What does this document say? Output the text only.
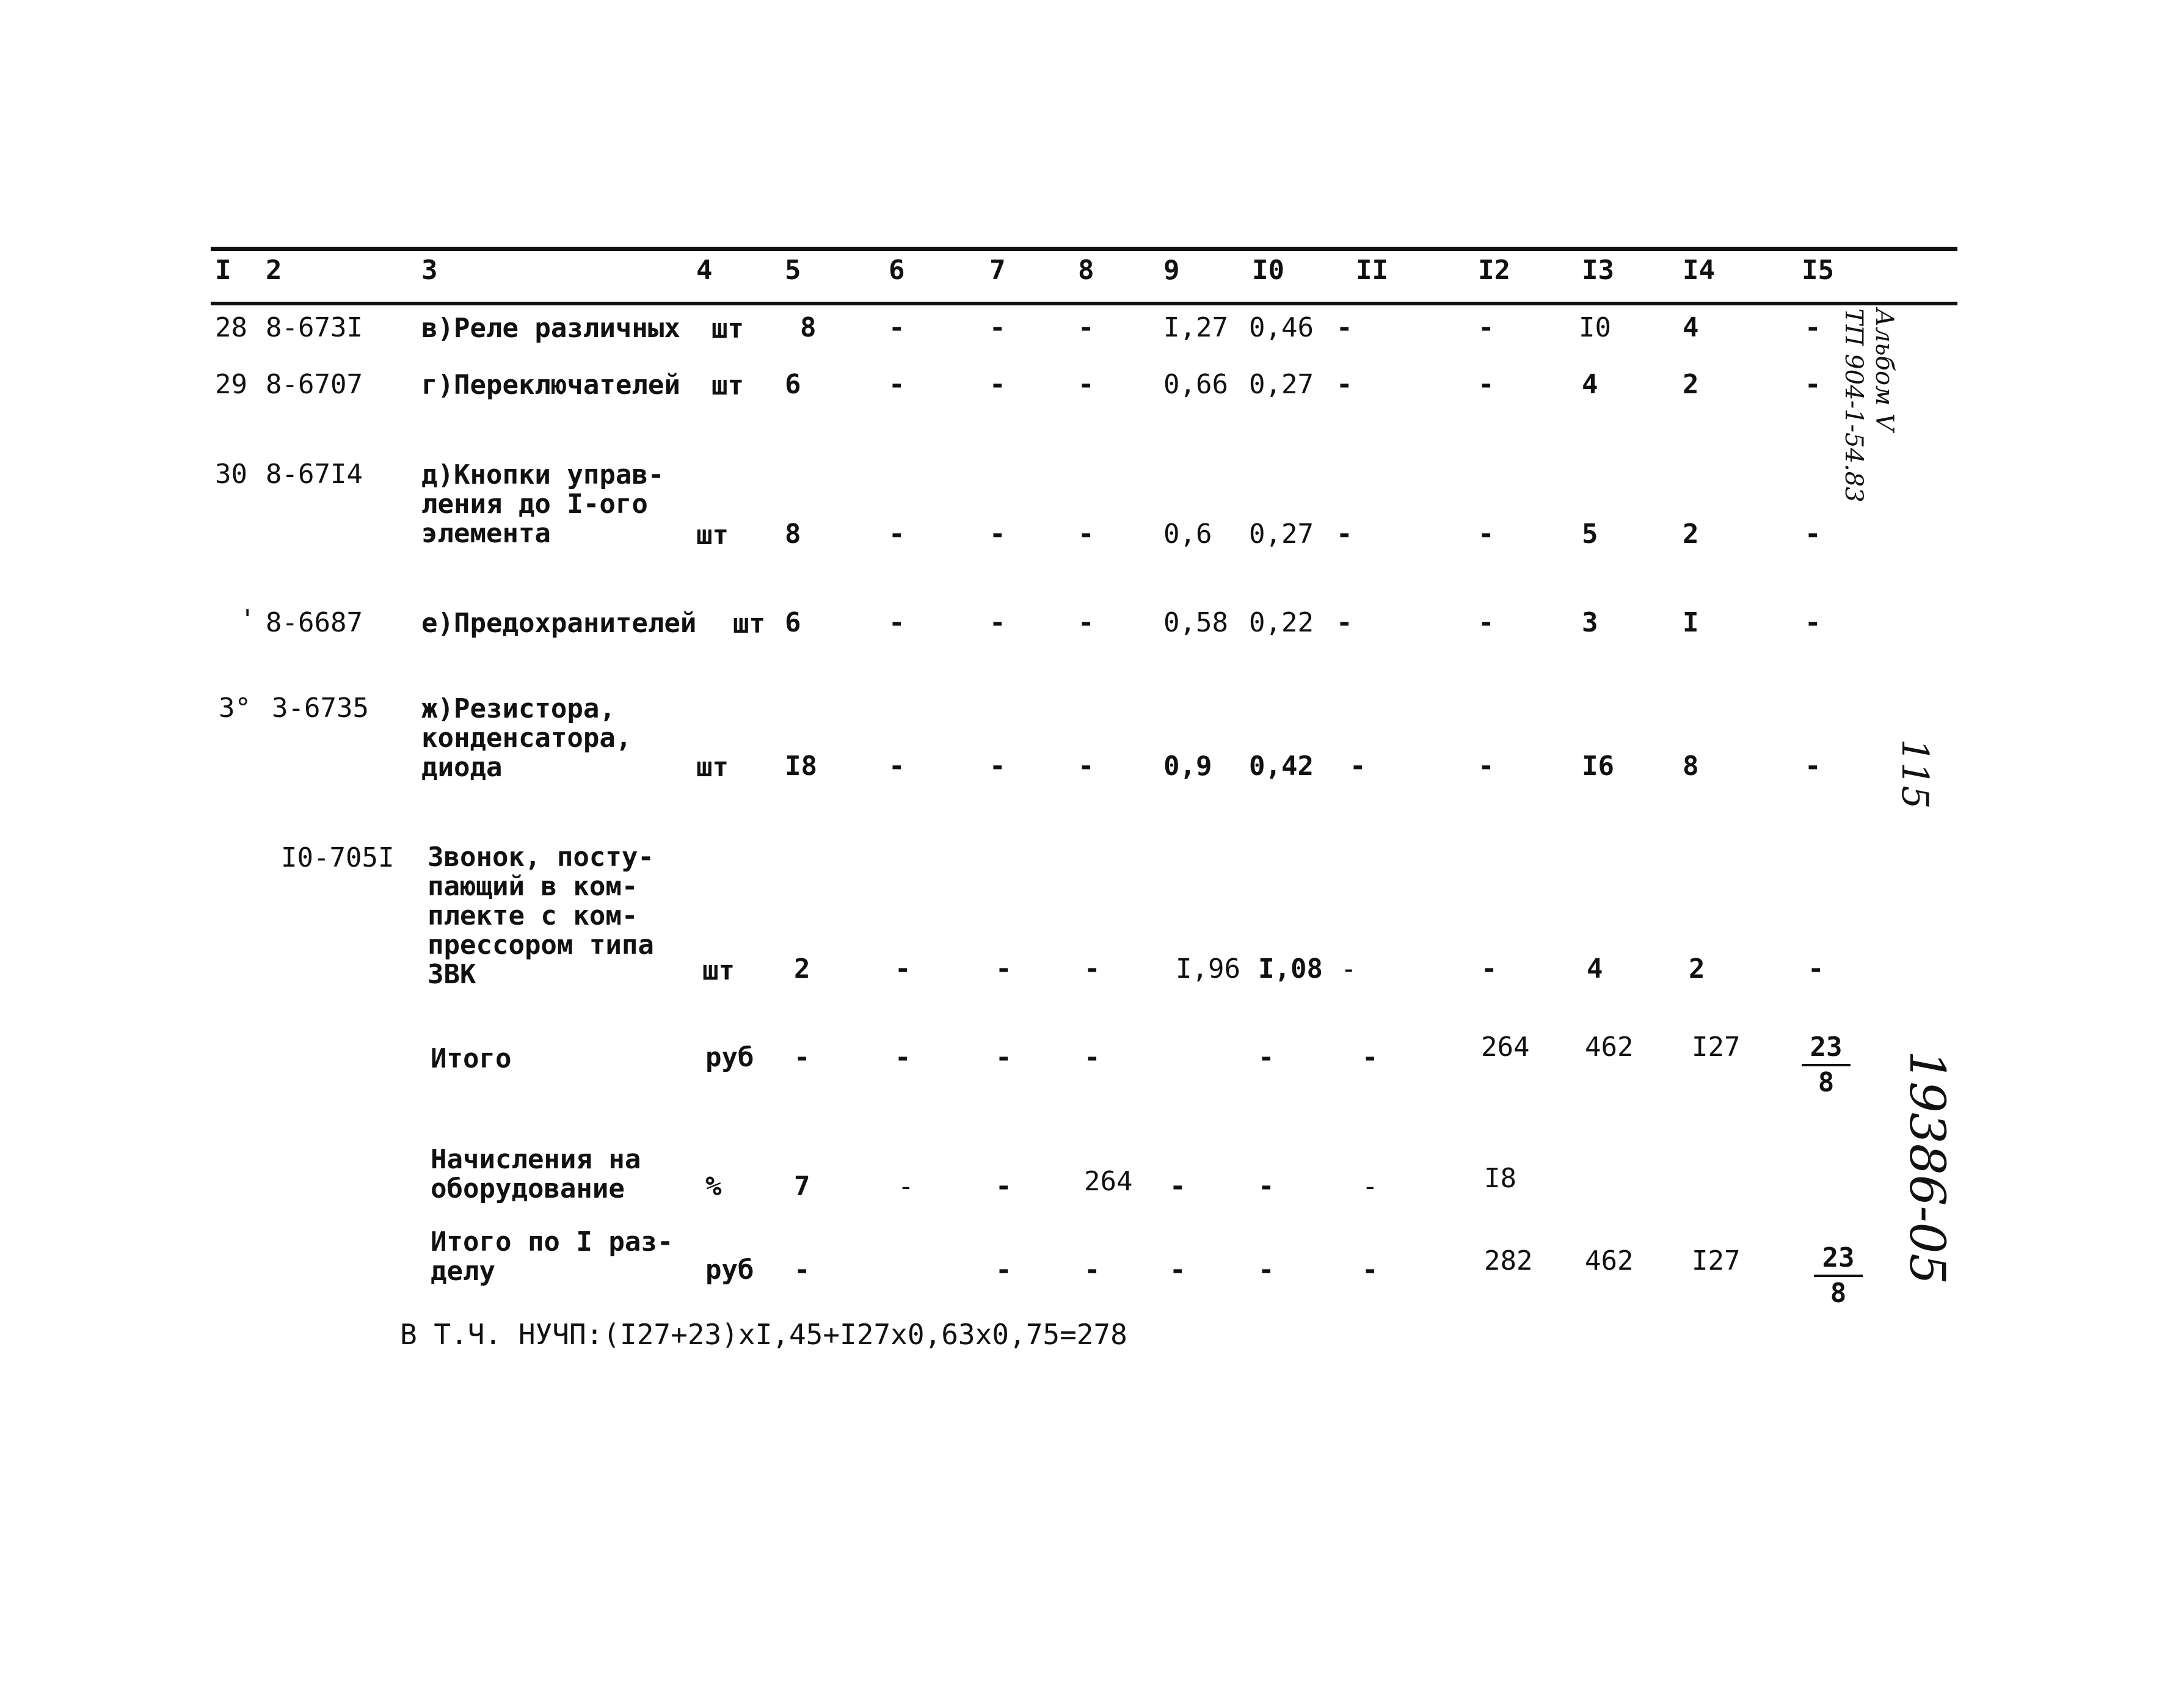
I 2	3	4	5	6	7	8	9	I0	II	I2	I3	I4	I5
28 8-673I в)Реле различных шт 8	-	-	-	I,27 0,46 -	-	I0	4	-
29 8-6707 г)Переключателей шт 6	-	-	-	0,66 0,27 -	-	4	2	-
30 8-67I4 д)Кнопки управ-
ления до I-ого
элемента	шт 8	-	-	-	0,6 0,27 -	-	5	2	-
' 8-6687 е)Предохранителей шт 6	-	-	-	0,58 0,22 -	-	3	I	-
3° 3-6735 ж)Резистора,
конденсатора,
диода	шт I8	-	-	-	0,9 0,42 -	-	I6	8	-
I0-705I Звонок, посту-
пающий в ком-
плекте с ком-
прессором типа
ЗВК	шт 2	-	-	-	I,96 I,08 -	-	4	2	-
Итого	руб -	-	-	-	-	-	264 462 I27	23
8
Начисления на
оборудование	%	7	-	-	264 -	-	-	I8
Итого по I раз-
делу	руб -	-	-	-	-	-	282 462 I27	23
8
В Т.Ч. НУЧП:(I27+23)xI,45+I27x0,63x0,75=278
Альбом V
ТП 904-1-54.83
115
19386-05
